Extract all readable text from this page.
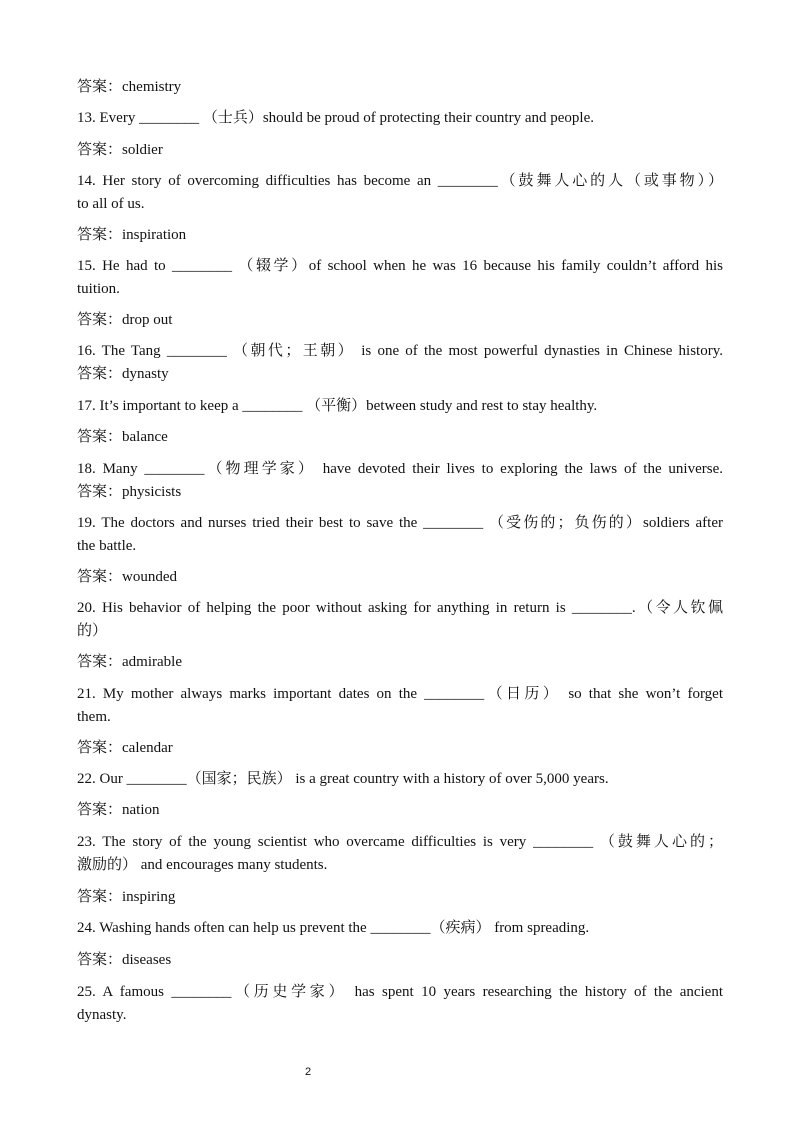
答案：chemistry
13. Every ________ （士兵）should be proud of protecting their country and people.
答案：soldier
14. Her story of overcoming difficulties has become an ________（鼓舞人心的人（或事物））
to all of us.
答案：inspiration
15. He had to ________ （辍学）of school when he was 16 because his family couldn’t afford his
tuition.
答案：drop out
16. The Tang ________ （朝代；王朝） is one of the most powerful dynasties in Chinese history.
答案：dynasty
17. It’s important to keep a ________ （平衡）between study and rest to stay healthy.
答案：balance
18. Many ________（物理学家） have devoted their lives to exploring the laws of the universe.
答案：physicists
19. The doctors and nurses tried their best to save the ________ （受伤的；负伤的）soldiers after
the battle.
答案：wounded
20. His behavior of helping the poor without asking for anything in return is ________.（令人钦佩
的）
答案：admirable
21. My mother always marks important dates on the ________（日历） so that she won’t forget
them.
答案：calendar
22. Our ________（国家；民族） is a great country with a history of over 5,000 years.
答案：nation
23. The story of the young scientist who overcame difficulties is very ________ （鼓舞人心的；
激励的） and encourages many students.
答案：inspiring
24. Washing hands often can help us prevent the ________（疾病） from spreading.
答案：diseases
25. A famous ________（历史学家） has spent 10 years researching the history of the ancient
dynasty.
2
